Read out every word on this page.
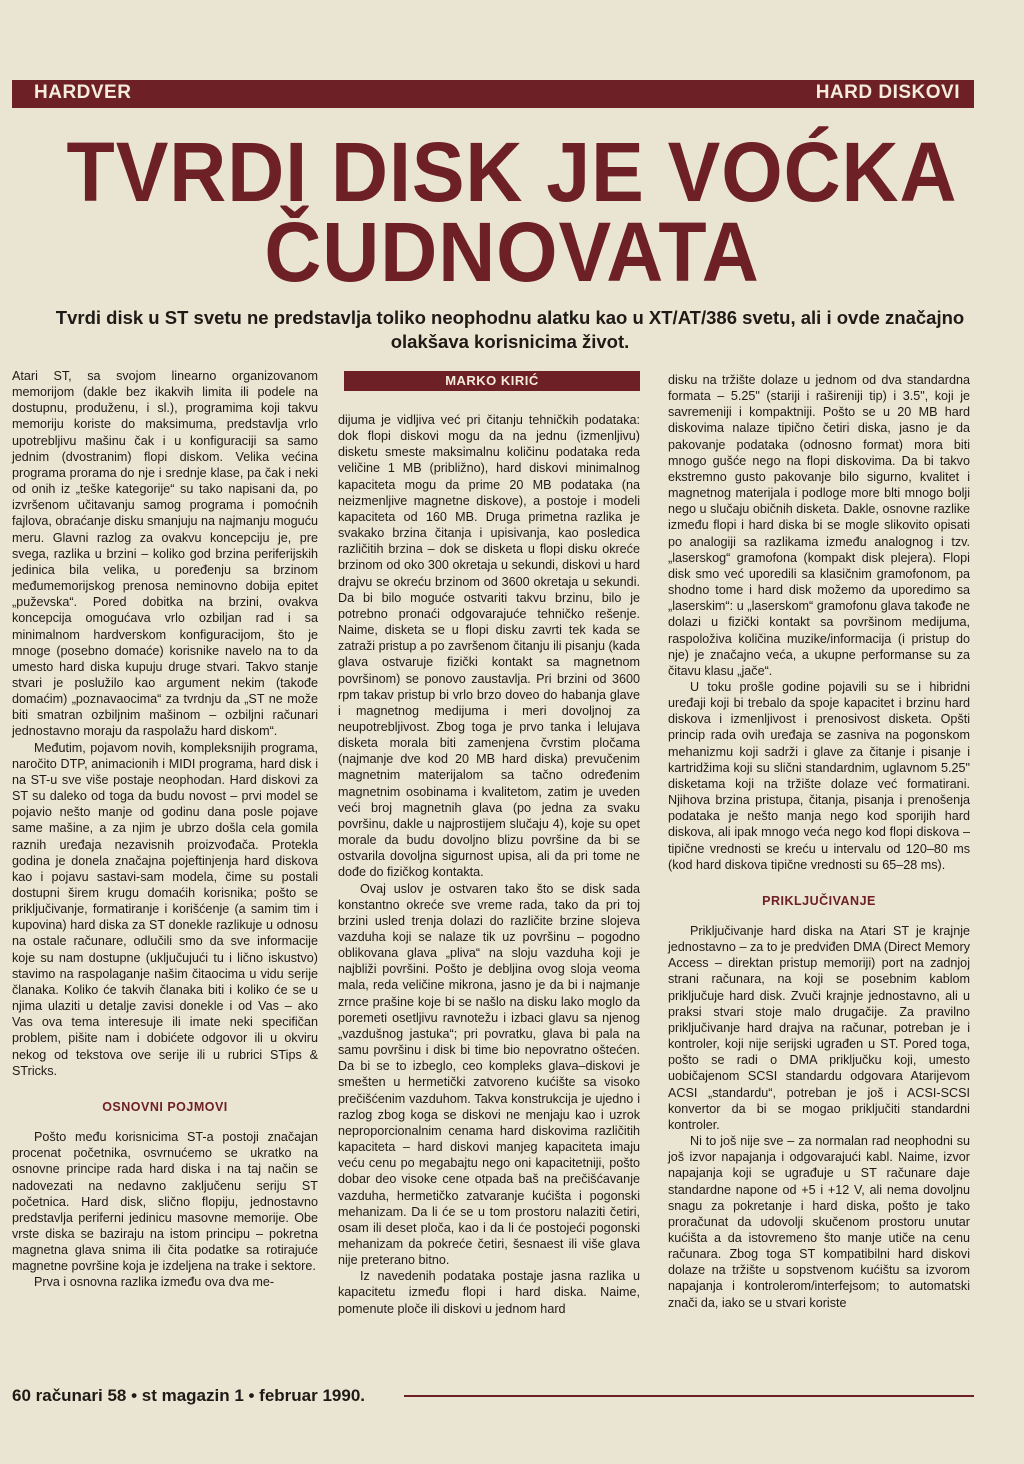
HARDVER	HARD DISKOVI
TVRDI DISK JE VOĆKA
ČUDNOVATA
Tvrdi disk u ST svetu ne predstavlja toliko neophodnu alatku kao u XT/AT/386 svetu, ali i ovde značajno olakšava korisnicima život.

Atari ST, sa svojom linearno organizovanom memorijom (dakle bez ikakvih limita ili podele na dostupnu, produženu, i sl.), programima koji takvu memoriju koriste do maksimuma, predstavlja vrlo upotrebljivu mašinu čak i u konfiguraciji sa samo jednim (dvostranim) flopi diskom. Velika većina programa prorama do nje i srednje klase, pa čak i neki od onih iz „teške kategorije“ su tako napisani da, po izvršenom učitavanju samog programa i pomoćnih fajlova, obraćanje disku smanjuju na najmanju moguću meru. Glavni razlog za ovakvu koncepciju je, pre svega, razlika u brzini – koliko god brzina periferijskih jedinica bila velika, u poređenju sa brzinom međumemorijskog prenosa neminovno dobija epitet „puževska“. Pored dobitka na brzini, ovakva koncepcija omogućava vrlo ozbiljan rad i sa minimalnom hardverskom konfiguracijom, što je mnoge (posebno domaće) korisnike navelo na to da umesto hard diska kupuju druge stvari. Takvo stanje stvari je poslužilo kao argument nekim (takođe domaćim) „poznavaocima“ za tvrdnju da „ST ne može biti smatran ozbiljnim mašinom – ozbiljni računari jednostavno moraju da raspolažu hard diskom“.

Međutim, pojavom novih, kompleksnijih programa, naročito DTP, animacionih i MIDI programa, hard disk i na ST-u sve više postaje neophodan. Hard diskovi za ST su daleko od toga da budu novost – prvi model se pojavio nešto manje od godinu dana posle pojave same mašine, a za njim je ubrzo došla cela gomila raznih uređaja nezavisnih proizvođača. Protekla godina je donela značajna pojeftinjenja hard diskova kao i pojavu sastavi-sam modela, čime su postali dostupni širem krugu domaćih korisnika; pošto se priključivanje, formatiranje i korišćenje (a samim tim i kupovina) hard diska za ST donekle razlikuje u odnosu na ostale računare, odlučili smo da sve informacije koje su nam dostupne (uključujući tu i lično iskustvo) stavimo na raspolaganje našim čitaocima u vidu serije članaka. Koliko će takvih članaka biti i koliko će se u njima ulaziti u detalje zavisi donekle i od Vas – ako Vas ova tema interesuje ili imate neki specifičan problem, pišite nam i dobićete odgovor ili u okviru nekog od tekstova ove serije ili u rubrici STips & STricks.

OSNOVNI POJMOVI

Pošto među korisnicima ST-a postoji značajan procenat početnika, osvrnućemo se ukratko na osnovne principe rada hard diska i na taj način se nadovezati na nedavno zaključenu seriju ST početnica. Hard disk, slično flopiju, jednostavno predstavlja periferni jedinicu masovne memorije. Obe vrste diska se baziraju na istom principu – pokretna magnetna glava snima ili čita podatke sa rotirajuće magnetne površine koja je izdeljena na trake i sektore.

Prva i osnovna razlika između ova dva me-

MARKO KIRIĆ

dijuma je vidljiva već pri čitanju tehničkih podataka: dok flopi diskovi mogu da na jednu (izmenljivu) disketu smeste maksimalnu količinu podataka reda veličine 1 MB (približno), hard diskovi minimalnog kapaciteta mogu da prime 20 MB podataka (na neizmenljive magnetne diskove), a postoje i modeli kapaciteta od 160 MB. Druga primetna razlika je svakako brzina čitanja i upisivanja, kao posledica različitih brzina – dok se disketa u flopi disku okreće brzinom od oko 300 okretaja u sekundi, diskovi u hard drajvu se okreću brzinom od 3600 okretaja u sekundi. Da bi bilo moguće ostvariti takvu brzinu, bilo je potrebno pronaći odgovarajuće tehničko rešenje. Naime, disketa se u flopi disku zavrti tek kada se zatraži pristup a po završenom čitanju ili pisanju (kada glava ostvaruje fizički kontakt sa magnetnom površinom) se ponovo zaustavlja. Pri brzini od 3600 rpm takav pristup bi vrlo brzo doveo do habanja glave i magnetnog medijuma i meri dovoljnoj za neupotrebljivost. Zbog toga je prvo tanka i lelujava disketa morala biti zamenjena čvrstim pločama (najmanje dve kod 20 MB hard diska) prevučenim magnetnim materijalom sa tačno određenim magnetnim osobinama i kvalitetom, zatim je uveden veći broj magnetnih glava (po jedna za svaku površinu, dakle u najprostijem slučaju 4), koje su opet morale da budu dovoljno blizu površine da bi se ostvarila dovoljna sigurnost upisa, ali da pri tome ne dođe do fizičkog kontakta.

Ovaj uslov je ostvaren tako što se disk sada konstantno okreće sve vreme rada, tako da pri toj brzini usled trenja dolazi do različite brzine slojeva vazduha koji se nalaze tik uz površinu – pogodno oblikovana glava „pliva“ na sloju vazduha koji je najbliži površini. Pošto je debljina ovog sloja veoma mala, reda veličine mikrona, jasno je da bi i najmanje zrnce prašine koje bi se našlo na disku lako moglo da poremeti osetljivu ravnotežu i izbaci glavu sa njenog „vazdušnog jastuka“; pri povratku, glava bi pala na samu površinu i disk bi time bio nepovratno oštećen. Da bi se to izbeglo, ceo kompleks glava–diskovi je smešten u hermetički zatvoreno kućište sa visoko prečišćenim vazduhom. Takva konstrukcija je ujedno i razlog zbog koga se diskovi ne menjaju kao i uzrok neproporcionalnim cenama hard diskovima različitih kapaciteta – hard diskovi manjeg kapaciteta imaju veću cenu po megabajtu nego oni kapacitetniji, pošto dobar deo visoke cene otpada baš na prečišćavanje vazduha, hermetičko zatvaranje kućišta i pogonski mehanizam. Da li će se u tom prostoru nalaziti četiri, osam ili deset ploča, kao i da li će postojeći pogonski mehanizam da pokreće četiri, šesnaest ili više glava nije preterano bitno.

Iz navedenih podataka postaje jasna razlika u kapacitetu između flopi i hard diska. Naime, pomenute ploče ili diskovi u jednom hard

disku na tržište dolaze u jednom od dva standardna formata – 5.25" (stariji i rašireniji tip) i 3.5", koji je savremeniji i kompaktniji. Pošto se u 20 MB hard diskovima nalaze tipično četiri diska, jasno je da pakovanje podataka (odnosno format) mora biti mnogo gušće nego na flopi diskovima. Da bi takvo ekstremno gusto pakovanje bilo sigurno, kvalitet i magnetnog materijala i podloge more blti mnogo bolji nego u slučaju običnih disketa. Dakle, osnovne razlike između flopi i hard diska bi se mogle slikovito opisati po analogiji sa razlikama između analognog i tzv. „laserskog“ gramofona (kompakt disk plejera). Flopi disk smo već uporedili sa klasičnim gramofonom, pa shodno tome i hard disk možemo da uporedimo sa „laserskim“: u „laserskom“ gramofonu glava takođe ne dolazi u fizički kontakt sa površinom medijuma, raspoloživa količina muzike/informacija (i pristup do nje) je značajno veća, a ukupne performanse su za čitavu klasu „jače“.

U toku prošle godine pojavili su se i hibridni uređaji koji bi trebalo da spoje kapacitet i brzinu hard diskova i izmenljivost i prenosivost disketa. Opšti princip rada ovih uređaja se zasniva na pogonskom mehanizmu koji sadrži i glave za čitanje i pisanje i kartridžima koji su slični standardnim, uglavnom 5.25" disketama koji na tržište dolaze već formatirani. Njihova brzina pristupa, čitanja, pisanja i prenošenja podataka je nešto manja nego kod sporijih hard diskova, ali ipak mnogo veća nego kod flopi diskova – tipične vrednosti se kreću u intervalu od 120–80 ms (kod hard diskova tipične vrednosti su 65–28 ms).

PRIKLJUČIVANJE

Priključivanje hard diska na Atari ST je krajnje jednostavno – za to je predviđen DMA (Direct Memory Access – direktan pristup memoriji) port na zadnjoj strani računara, na koji se posebnim kablom priključuje hard disk. Zvuči krajnje jednostavno, ali u praksi stvari stoje malo drugačije. Za pravilno priključivanje hard drajva na računar, potreban je i kontroler, koji nije serijski ugrađen u ST. Pored toga, pošto se radi o DMA priključku koji, umesto uobičajenom SCSI standardu odgovara Atarijevom ACSI „standardu“, potreban je još i ACSI-SCSI konvertor da bi se mogao priključiti standardni kontroler.

Ni to još nije sve – za normalan rad neophodni su još izvor napajanja i odgovarajući kabl. Naime, izvor napajanja koji se ugrađuje u ST računare daje standardne napone od +5 i +12 V, ali nema dovoljnu snagu za pokretanje i hard diska, pošto je tako proračunat da udovolji skučenom prostoru unutar kućišta a da istovremeno što manje utiče na cenu računara. Zbog toga ST kompatibilni hard diskovi dolaze na tržište u sopstvenom kućištu sa izvorom napajanja i kontrolerom/interfejsom; to automatski znači da, iako se u stvari koriste

60 računari 58 • st magazin 1 • februar 1990.
